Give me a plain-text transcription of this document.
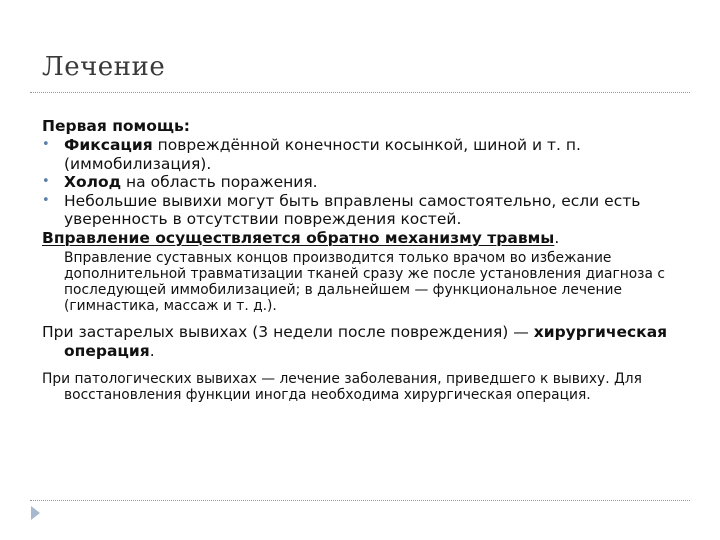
Лечение

Первая помощь:

• Фиксация повреждённой конечности косынкой, шиной и т. п. (иммобилизация).
• Холод на область поражения.
• Небольшие вывихи могут быть вправлены самостоятельно, если есть уверенность в отсутствии повреждения костей.

Вправление осуществляется обратно механизму травмы.

Вправление суставных концов производится только врачом во избежание дополнительной травматизации тканей сразу же после установления диагноза с последующей иммобилизацией; в дальнейшем — функциональное лечение (гимнастика, массаж и т. д.).

При застарелых вывихах (3 недели после повреждения) — хирургическая операция.

При патологических вывихах — лечение заболевания, приведшего к вывиху. Для восстановления функции иногда необходима хирургическая операция.
